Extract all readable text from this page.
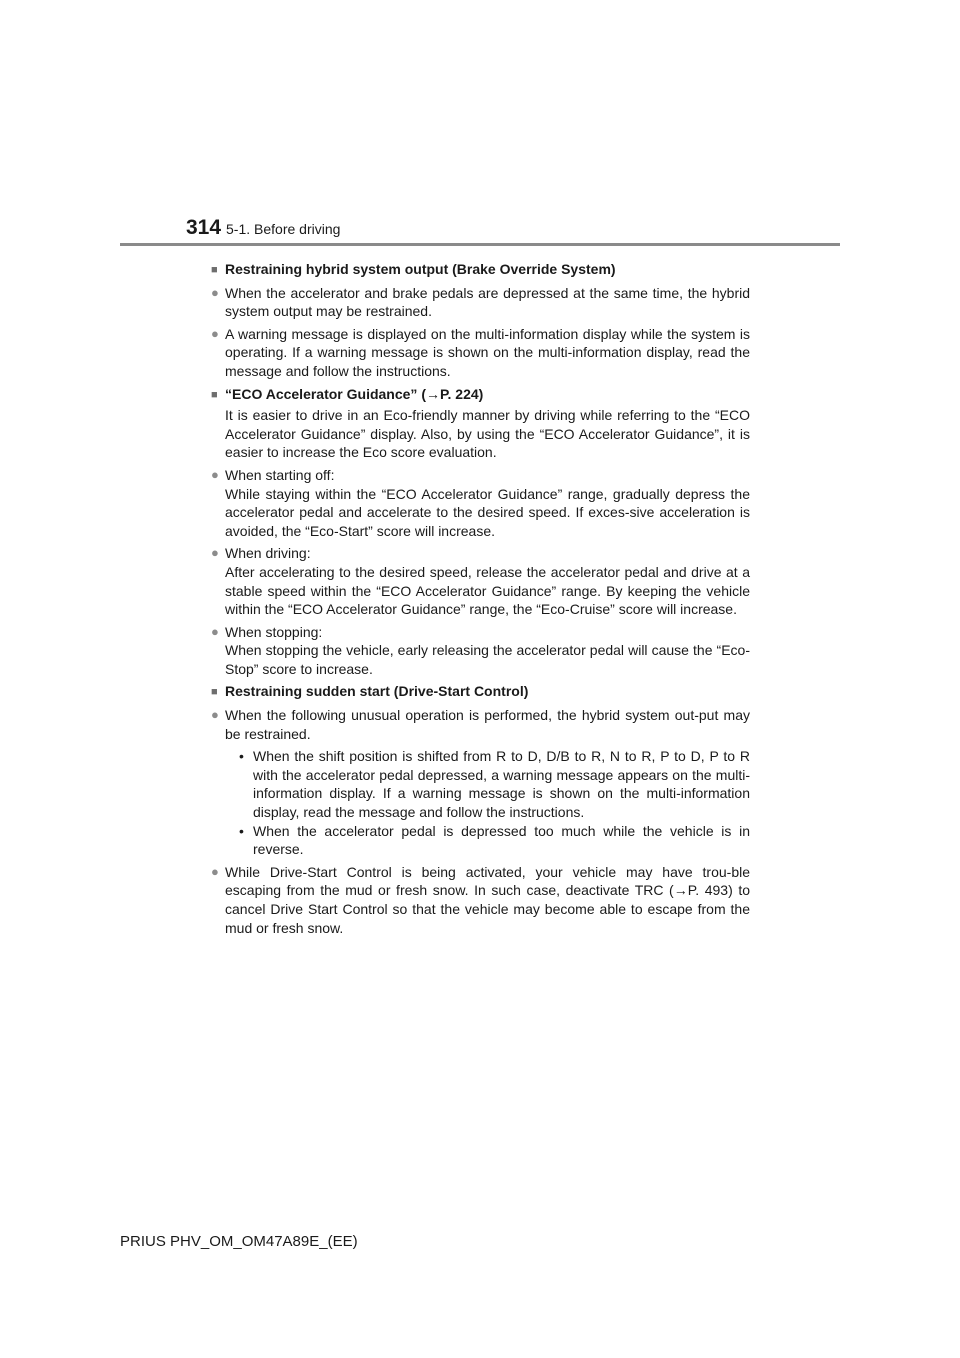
314 5-1. Before driving
■ Restraining hybrid system output (Brake Override System)
● When the accelerator and brake pedals are depressed at the same time, the hybrid system output may be restrained.
● A warning message is displayed on the multi-information display while the system is operating. If a warning message is shown on the multi-information display, read the message and follow the instructions.
■ “ECO Accelerator Guidance” (→P. 224)
It is easier to drive in an Eco-friendly manner by driving while referring to the “ECO Accelerator Guidance” display. Also, by using the “ECO Accelerator Guidance”, it is easier to increase the Eco score evaluation.
● When starting off:
While staying within the “ECO Accelerator Guidance” range, gradually depress the accelerator pedal and accelerate to the desired speed. If exces-sive acceleration is avoided, the “Eco-Start” score will increase.
● When driving:
After accelerating to the desired speed, release the accelerator pedal and drive at a stable speed within the “ECO Accelerator Guidance” range. By keeping the vehicle within the “ECO Accelerator Guidance” range, the “Eco-Cruise” score will increase.
● When stopping:
When stopping the vehicle, early releasing the accelerator pedal will cause the “Eco-Stop” score to increase.
■ Restraining sudden start (Drive-Start Control)
● When the following unusual operation is performed, the hybrid system out-put may be restrained.
• When the shift position is shifted from R to D, D/B to R, N to R, P to D, P to R with the accelerator pedal depressed, a warning message appears on the multi-information display. If a warning message is shown on the multi-information display, read the message and follow the instructions.
• When the accelerator pedal is depressed too much while the vehicle is in reverse.
● While Drive-Start Control is being activated, your vehicle may have trou-ble escaping from the mud or fresh snow. In such case, deactivate TRC (→P. 493) to cancel Drive Start Control so that the vehicle may become able to escape from the mud or fresh snow.
PRIUS PHV_OM_OM47A89E_(EE)
